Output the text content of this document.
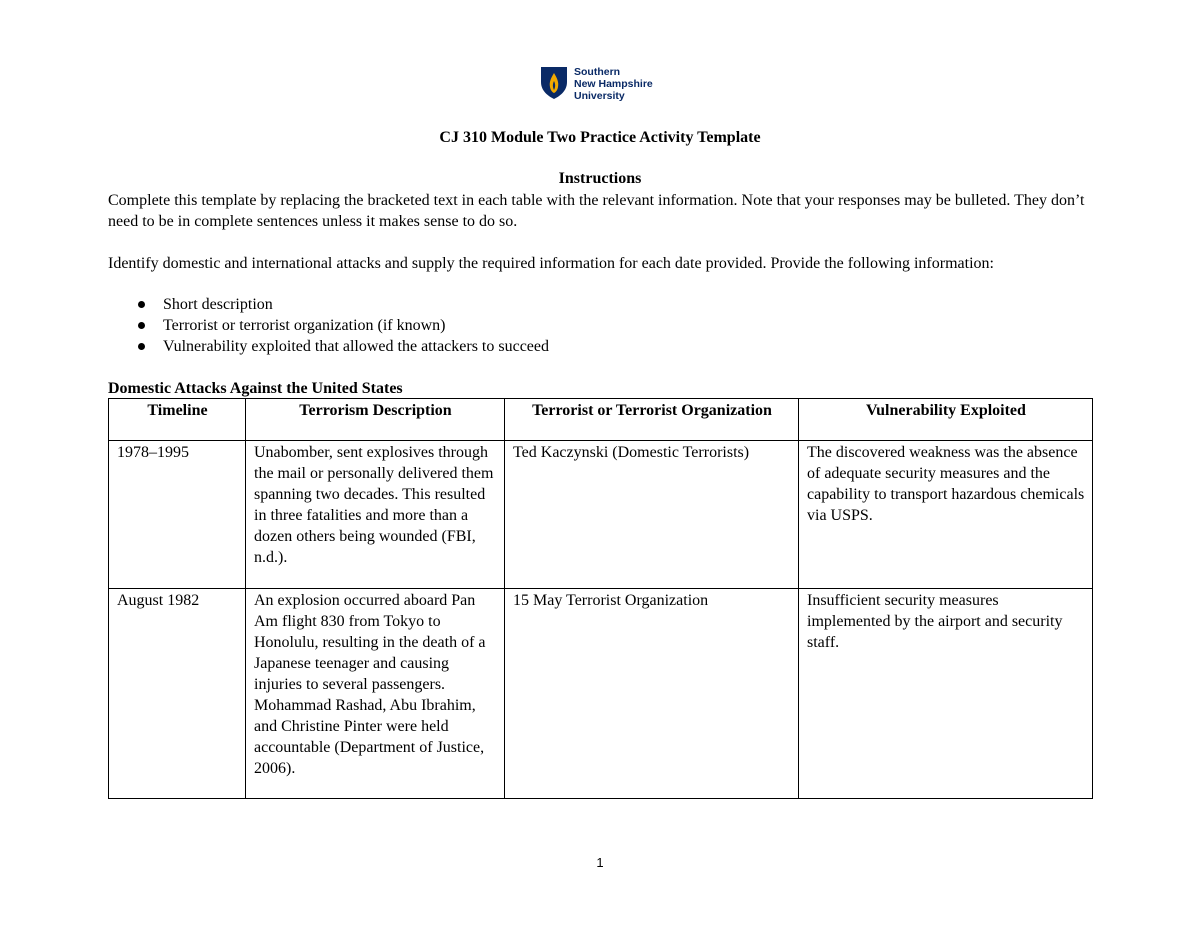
Southern
New Hampshire
University
CJ 310 Module Two Practice Activity Template
Instructions
Complete this template by replacing the bracketed text in each table with the relevant information. Note that your responses may be bulleted. They don’t need to be in complete sentences unless it makes sense to do so.
Identify domestic and international attacks and supply the required information for each date provided. Provide the following information:
Short description
Terrorist or terrorist organization (if known)
Vulnerability exploited that allowed the attackers to succeed
Domestic Attacks Against the United States
Timeline	Terrorism Description	Terrorist or Terrorist Organization	Vulnerability Exploited
1978–1995	Unabomber, sent explosives through the mail or personally delivered them spanning two decades. This resulted in three fatalities and more than a dozen others being wounded (FBI, n.d.).	Ted Kaczynski (Domestic Terrorists)	The discovered weakness was the absence of adequate security measures and the capability to transport hazardous chemicals via USPS.
August 1982	An explosion occurred aboard Pan Am flight 830 from Tokyo to Honolulu, resulting in the death of a Japanese teenager and causing injuries to several passengers. Mohammad Rashad, Abu Ibrahim, and Christine Pinter were held accountable (Department of Justice, 2006).	15 May Terrorist Organization	Insufficient security measures implemented by the airport and security staff.
1
